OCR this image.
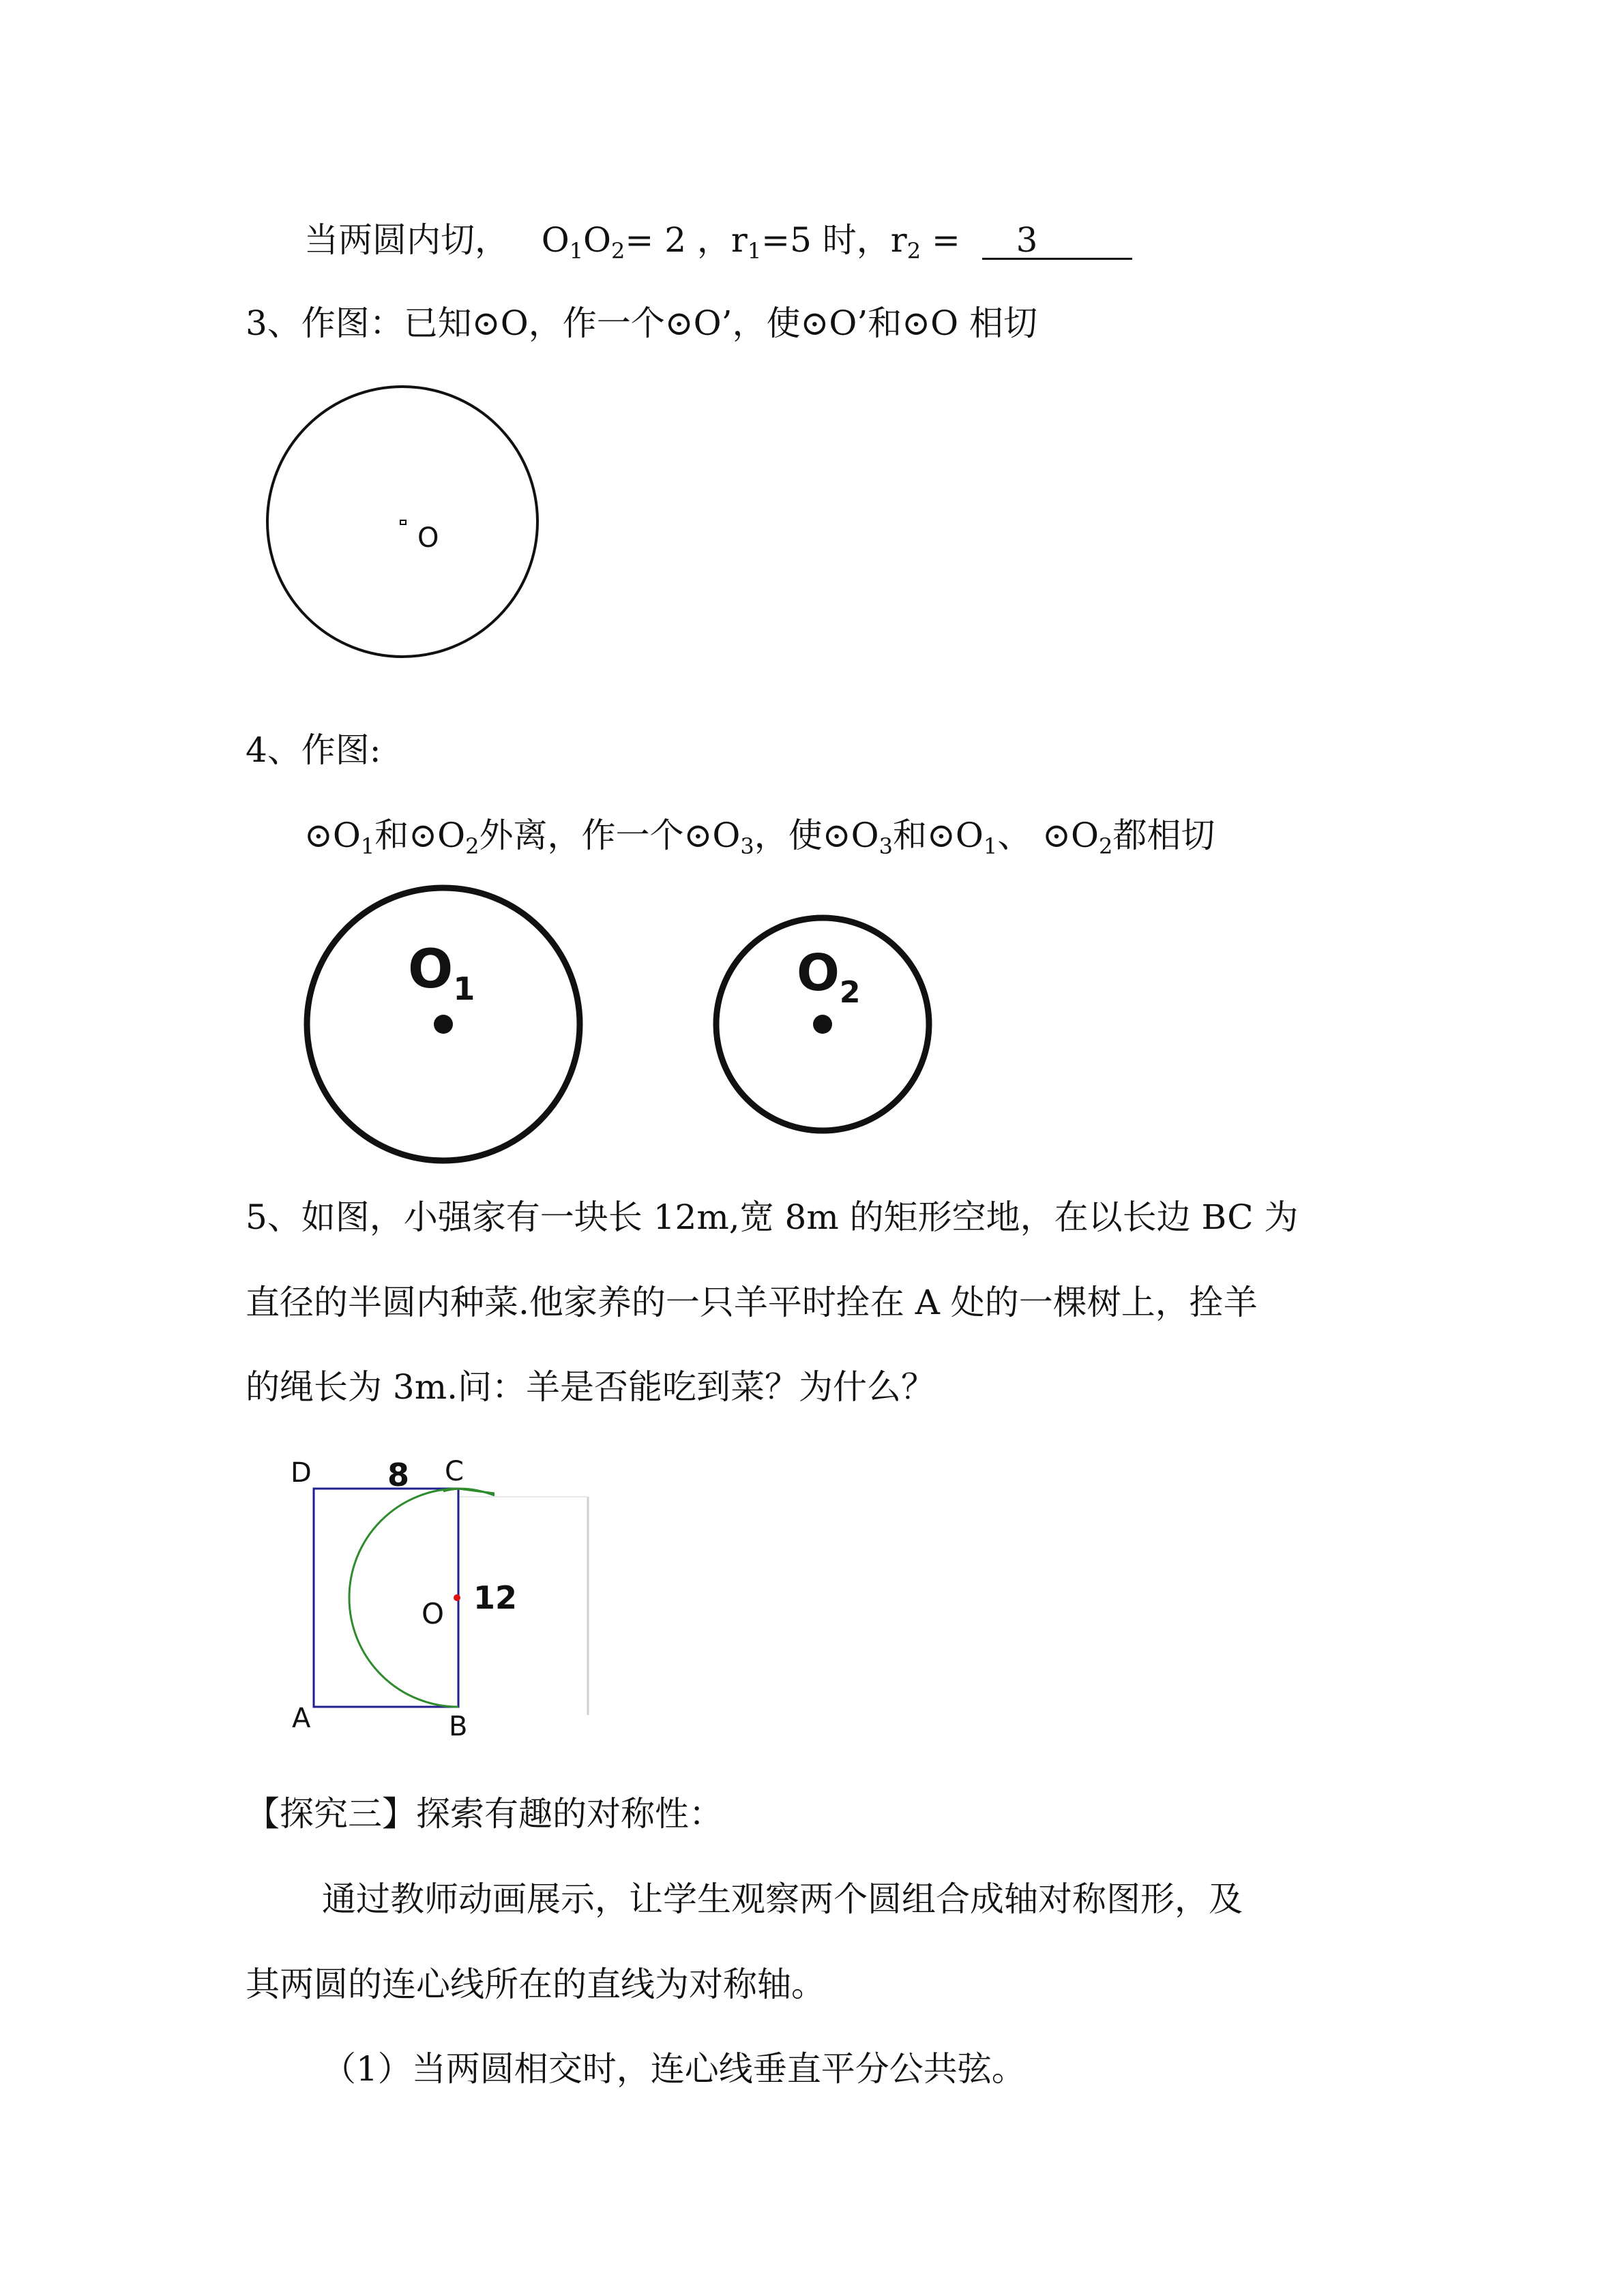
当两圆内切， $O_1O_2= 2$ ，$r_1=5$ 时，$r_2 = 3$
3、作图：已知⊙O，作一个⊙O’，使⊙O’和⊙O 相切
O
4、作图:
$⊙O_1$和$⊙O_2$外离，作一个$⊙O_3$，使$⊙O_3$和$⊙O_1$、 $⊙O_2$都相切
$O_1$	$O_2$
5、如图，小强家有一块长 12m,宽 8m 的矩形空地，在以长边 BC 为
直径的半圆内种菜.他家养的一只羊平时拴在 A 处的一棵树上，拴羊
的绳长为 3m.问：羊是否能吃到菜？为什么？
D 8 C
O 12
A	B
【探究三】探索有趣的对称性：
通过教师动画展示，让学生观察两个圆组合成轴对称图形，及
其两圆的连心线所在的直线为对称轴。
（1）当两圆相交时，连心线垂直平分公共弦。
